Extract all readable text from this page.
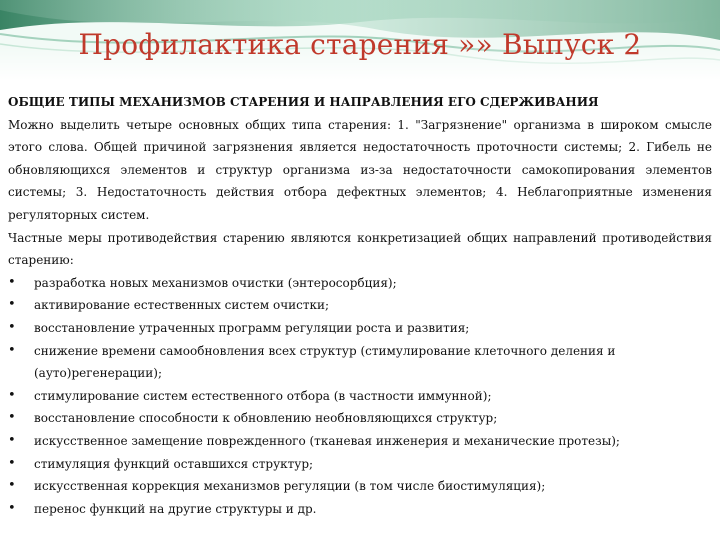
Профилактика старения »» Выпуск 2

ОБЩИЕ ТИПЫ МЕХАНИЗМОВ СТАРЕНИЯ И НАПРАВЛЕНИЯ ЕГО СДЕРЖИВАНИЯ

Можно выделить четыре основных общих типа старения: 1. "Загрязнение" организма в широком смысле этого слова. Общей причиной загрязнения является недостаточность проточности системы; 2. Гибель не обновляющихся элементов и структур организма из-за недостаточности самокопирования элементов системы; 3. Недостаточность действия отбора дефектных элементов; 4. Неблагоприятные изменения регуляторных систем.

Частные меры противодействия старению являются конкретизацией общих направлений противодействия старению:

• разработка новых механизмов очистки (энтеросорбция);
• активирование естественных систем очистки;
• восстановление утраченных программ регуляции роста и развития;
• снижение времени самообновления всех структур (стимулирование клеточного деления и (ауто)регенерации);
• стимулирование систем естественного отбора (в частности иммунной);
• восстановление способности к обновлению необновляющихся структур;
• искусственное замещение поврежденного (тканевая инженерия и механические протезы);
• стимуляция функций оставшихся структур;
• искусственная коррекция механизмов регуляции (в том числе биостимуляция);
• перенос функций на другие структуры и др.
